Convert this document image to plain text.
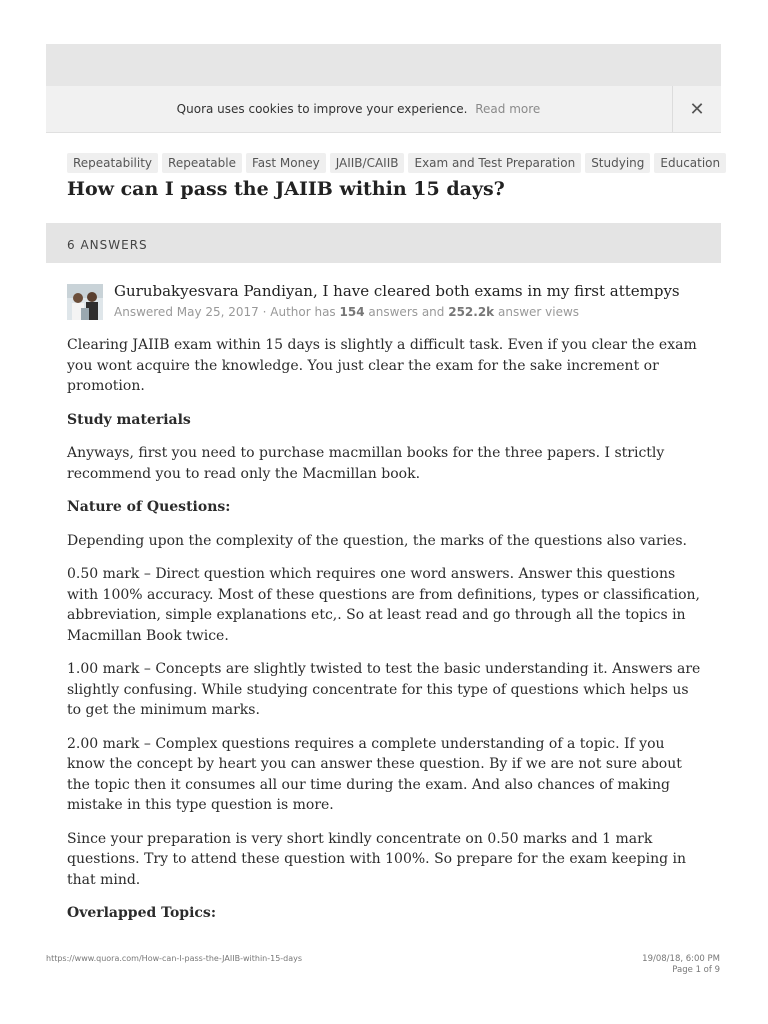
Quora uses cookies to improve your experience. Read more	✕
Repeatability Repeatable Fast Money JAIIB/CAIIB Exam and Test Preparation Studying Education
How can I pass the JAIIB within 15 days?
6 ANSWERS
Gurubakyesvara Pandiyan, I have cleared both exams in my first attempys
Answered May 25, 2017 · Author has 154 answers and 252.2k answer views

Clearing JAIIB exam within 15 days is slightly a difficult task. Even if you clear the exam you wont acquire the knowledge. You just clear the exam for the sake increment or promotion.

Study materials

Anyways, first you need to purchase macmillan books for the three papers. I strictly recommend you to read only the Macmillan book.

Nature of Questions:

Depending upon the complexity of the question, the marks of the questions also varies.

0.50 mark – Direct question which requires one word answers. Answer this questions with 100% accuracy. Most of these questions are from definitions, types or classification, abbreviation, simple explanations etc,. So at least read and go through all the topics in Macmillan Book twice.

1.00 mark – Concepts are slightly twisted to test the basic understanding it. Answers are slightly confusing. While studying concentrate for this type of questions which helps us to get the minimum marks.

2.00 mark – Complex questions requires a complete understanding of a topic. If you know the concept by heart you can answer these question. By if we are not sure about the topic then it consumes all our time during the exam. And also chances of making mistake in this type question is more.

Since your preparation is very short kindly concentrate on 0.50 marks and 1 mark questions. Try to attend these question with 100%. So prepare for the exam keeping in that mind.

Overlapped Topics:

https://www.quora.com/How-can-I-pass-the-JAIIB-within-15-days	19/08/18, 6:00 PM
Page 1 of 9
